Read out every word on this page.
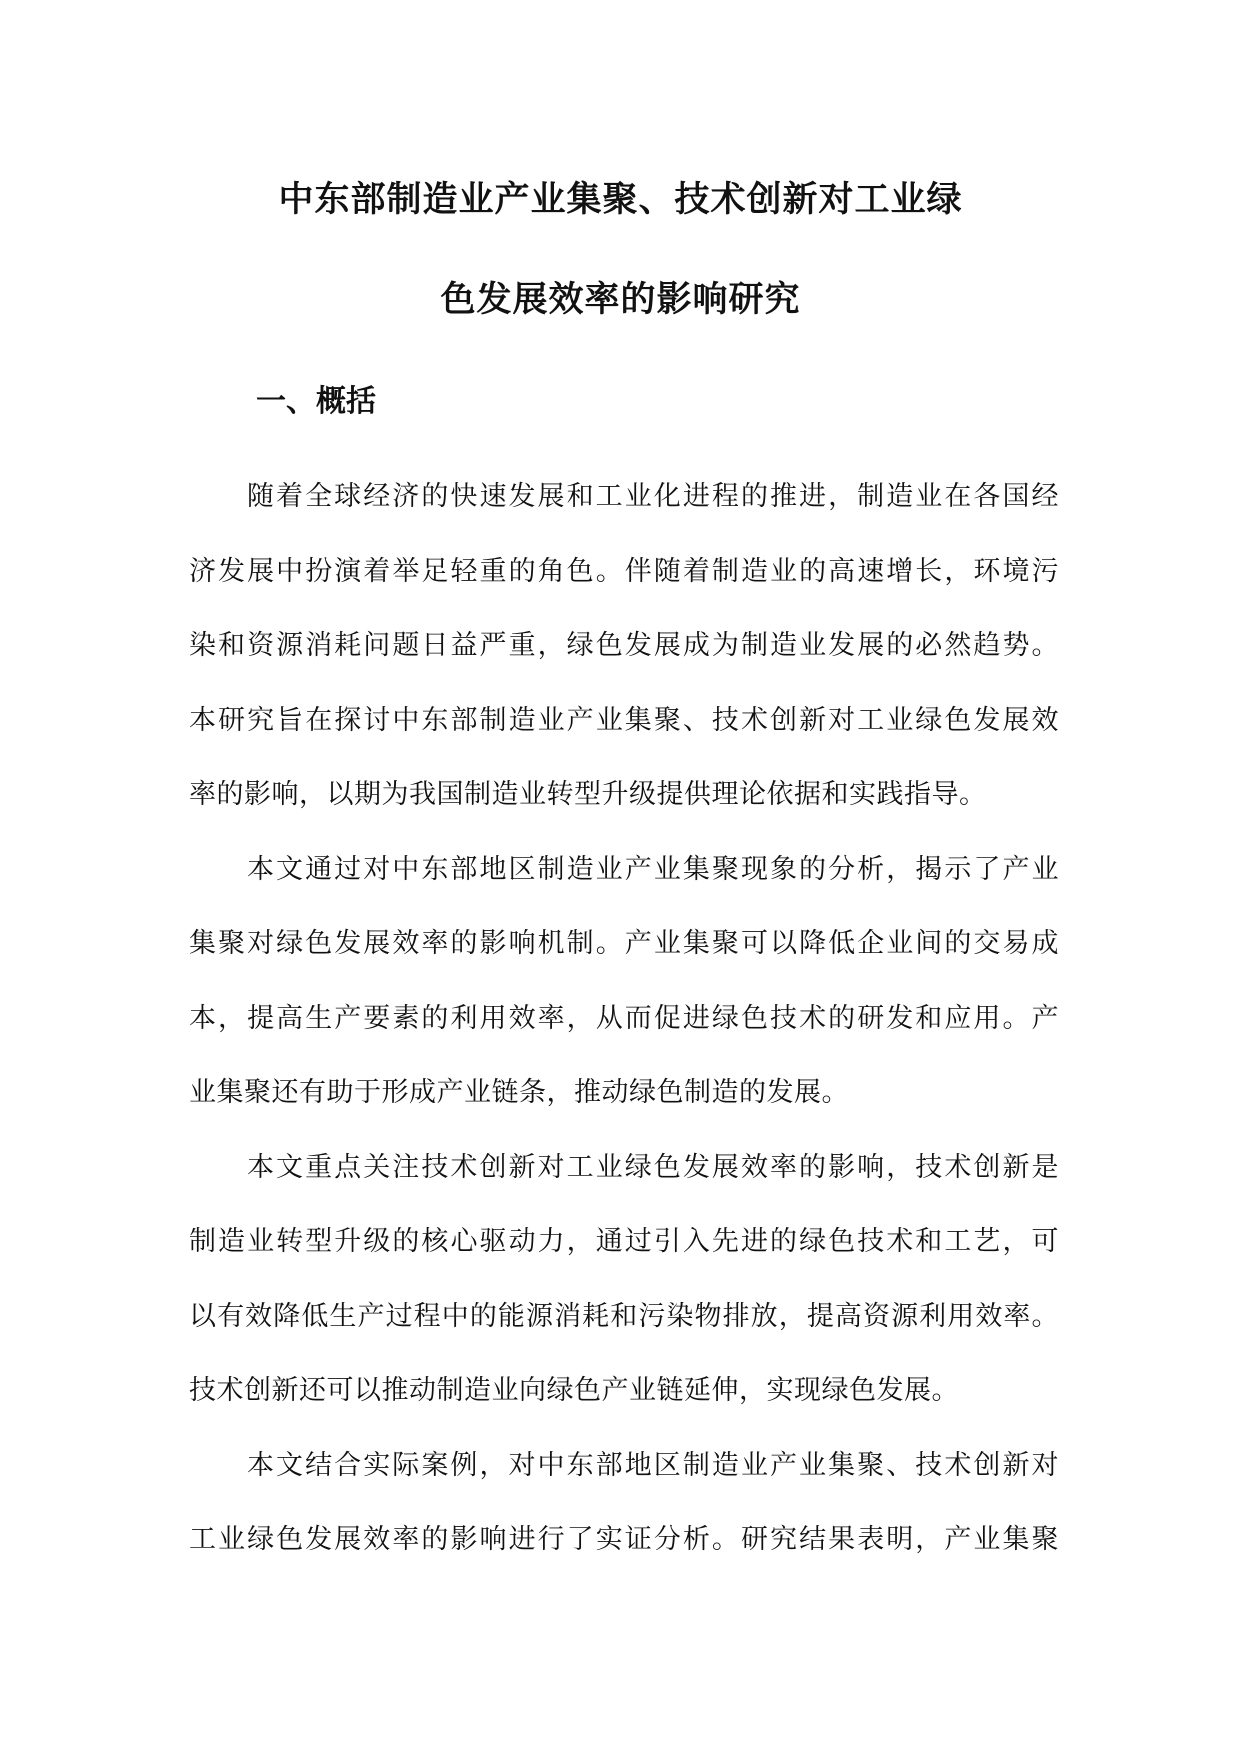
中东部制造业产业集聚、技术创新对工业绿
色发展效率的影响研究
一、概括
随着全球经济的快速发展和工业化进程的推进，制造业在各国经
济发展中扮演着举足轻重的角色。伴随着制造业的高速增长，环境污
染和资源消耗问题日益严重，绿色发展成为制造业发展的必然趋势。
本研究旨在探讨中东部制造业产业集聚、技术创新对工业绿色发展效
率的影响，以期为我国制造业转型升级提供理论依据和实践指导。
本文通过对中东部地区制造业产业集聚现象的分析，揭示了产业
集聚对绿色发展效率的影响机制。产业集聚可以降低企业间的交易成
本，提高生产要素的利用效率，从而促进绿色技术的研发和应用。产
业集聚还有助于形成产业链条，推动绿色制造的发展。
本文重点关注技术创新对工业绿色发展效率的影响，技术创新是
制造业转型升级的核心驱动力，通过引入先进的绿色技术和工艺，可
以有效降低生产过程中的能源消耗和污染物排放，提高资源利用效率。
技术创新还可以推动制造业向绿色产业链延伸，实现绿色发展。
本文结合实际案例，对中东部地区制造业产业集聚、技术创新对
工业绿色发展效率的影响进行了实证分析。研究结果表明，产业集聚
